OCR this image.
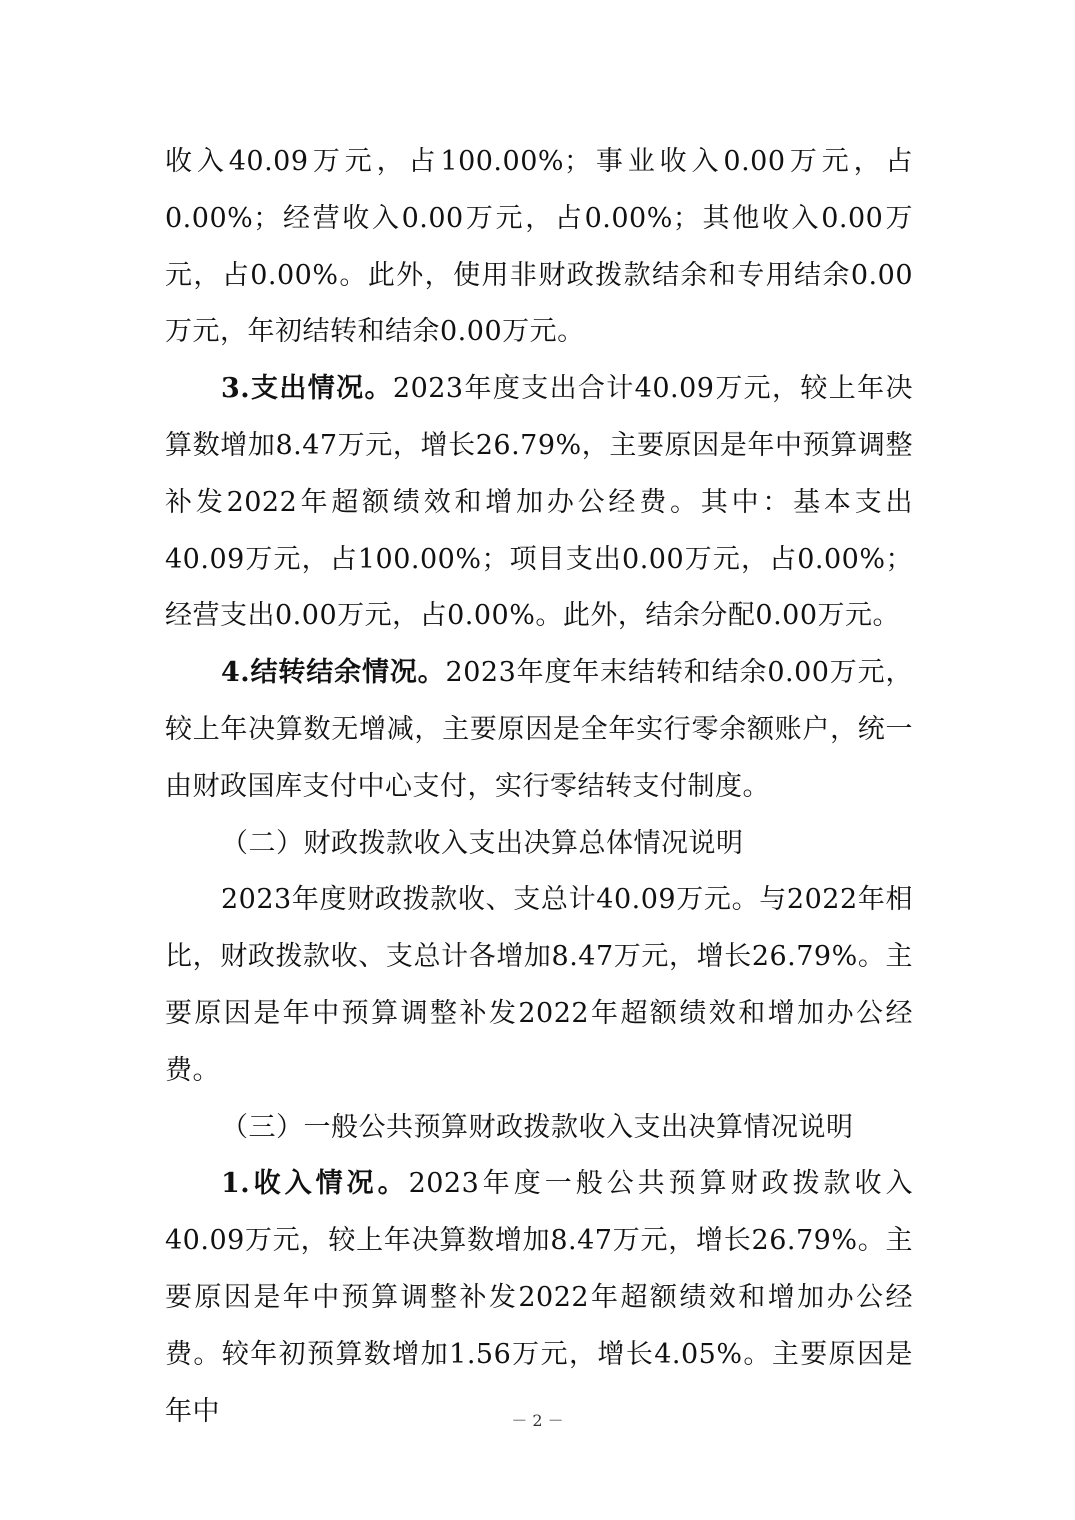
收入40.09万元，占100.00%；事业收入0.00万元，占0.00%；经营收入0.00万元，占0.00%；其他收入0.00万元，占0.00%。此外，使用非财政拨款结余和专用结余0.00万元，年初结转和结余0.00万元。

3.支出情况。2023年度支出合计40.09万元，较上年决算数增加8.47万元，增长26.79%，主要原因是年中预算调整补发2022年超额绩效和增加办公经费。其中：基本支出40.09万元，占100.00%；项目支出0.00万元，占0.00%；经营支出0.00万元，占0.00%。此外，结余分配0.00万元。

4.结转结余情况。2023年度年末结转和结余0.00万元，较上年决算数无增减，主要原因是全年实行零余额账户，统一由财政国库支付中心支付，实行零结转支付制度。

（二）财政拨款收入支出决算总体情况说明

2023年度财政拨款收、支总计40.09万元。与2022年相比，财政拨款收、支总计各增加8.47万元，增长26.79%。主要原因是年中预算调整补发2022年超额绩效和增加办公经费。

（三）一般公共预算财政拨款收入支出决算情况说明

1.收入情况。2023年度一般公共预算财政拨款收入40.09万元，较上年决算数增加8.47万元，增长26.79%。主要原因是年中预算调整补发2022年超额绩效和增加办公经费。较年初预算数增加1.56万元，增长4.05%。主要原因是年中	－ 2 －
